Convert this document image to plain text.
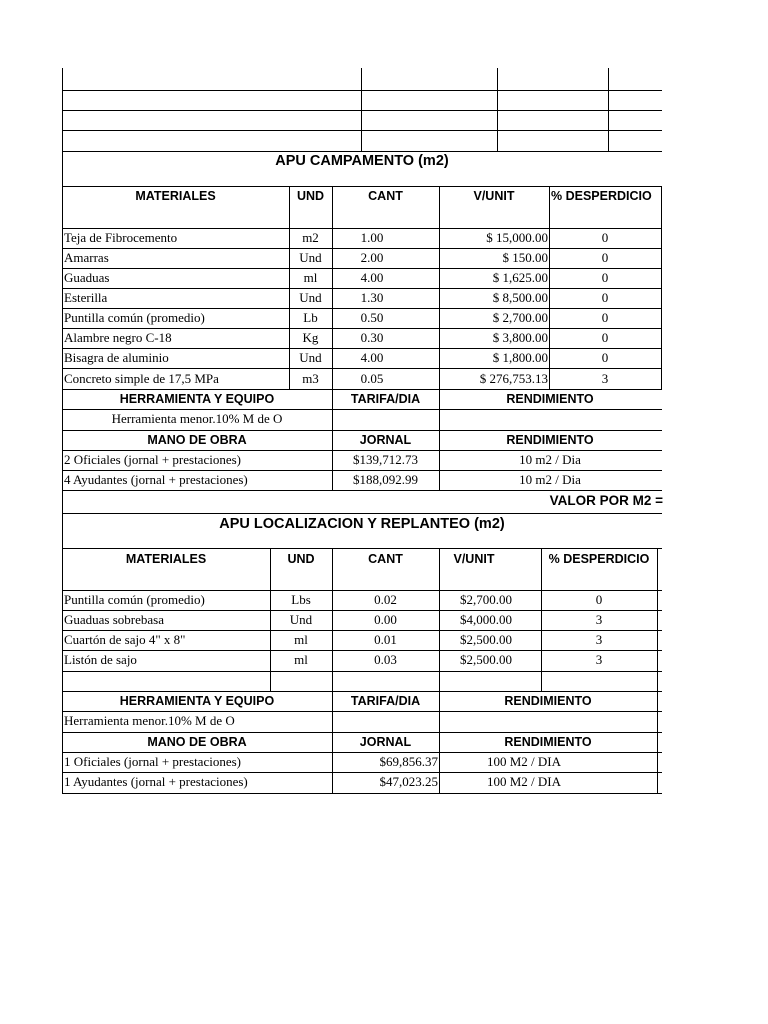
APU CAMPAMENTO (m2)
MATERIALES	UND	CANT	V/UNIT	% DESPERDICIO
Teja de Fibrocemento	m2	1.00	$ 15,000.00	0
Amarras	Und	2.00	$ 150.00	0
Guaduas	ml	4.00	$ 1,625.00	0
Esterilla	Und	1.30	$ 8,500.00	0
Puntilla común (promedio)	Lb	0.50	$ 2,700.00	0
Alambre negro C-18	Kg	0.30	$ 3,800.00	0
Bisagra de aluminio	Und	4.00	$ 1,800.00	0
Concreto simple de 17,5 MPa	m3	0.05	$ 276,753.13	3
HERRAMIENTA Y EQUIPO	TARIFA/DIA	RENDIMIENTO
Herramienta menor.10% M de O
MANO DE OBRA	JORNAL	RENDIMIENTO
2 Oficiales (jornal + prestaciones)	$139,712.73	10 m2 / Dia
4 Ayudantes (jornal + prestaciones)	$188,092.99	10 m2 / Dia
VALOR POR M2 =
APU LOCALIZACION Y REPLANTEO (m2)
MATERIALES	UND	CANT	V/UNIT	% DESPERDICIO
Puntilla común (promedio)	Lbs	0.02	$2,700.00	0
Guaduas sobrebasa	Und	0.00	$4,000.00	3
Cuartón de sajo 4" x 8"	ml	0.01	$2,500.00	3
Listón de sajo	ml	0.03	$2,500.00	3
HERRAMIENTA Y EQUIPO	TARIFA/DIA	RENDIMIENTO
Herramienta menor.10% M de O
MANO DE OBRA	JORNAL	RENDIMIENTO
1 Oficiales (jornal + prestaciones)	$69,856.37	100 M2 / DIA
1 Ayudantes (jornal + prestaciones)	$47,023.25	100 M2 / DIA
